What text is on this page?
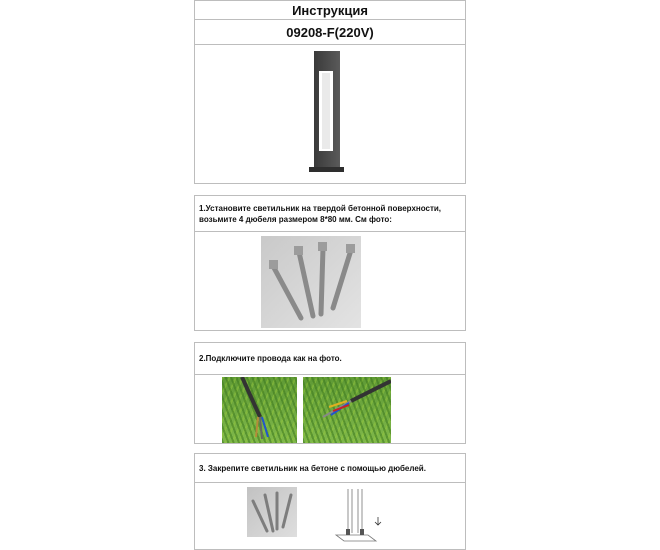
Инструкция
09208-F(220V)
1.Установите светильник на твердой бетонной поверхности, возьмите 4 дюбеля размером 8*80 мм. См фото:
2.Подключите провода как на фото.
3. Закрепите светильник на бетоне с помощью дюбелей.
